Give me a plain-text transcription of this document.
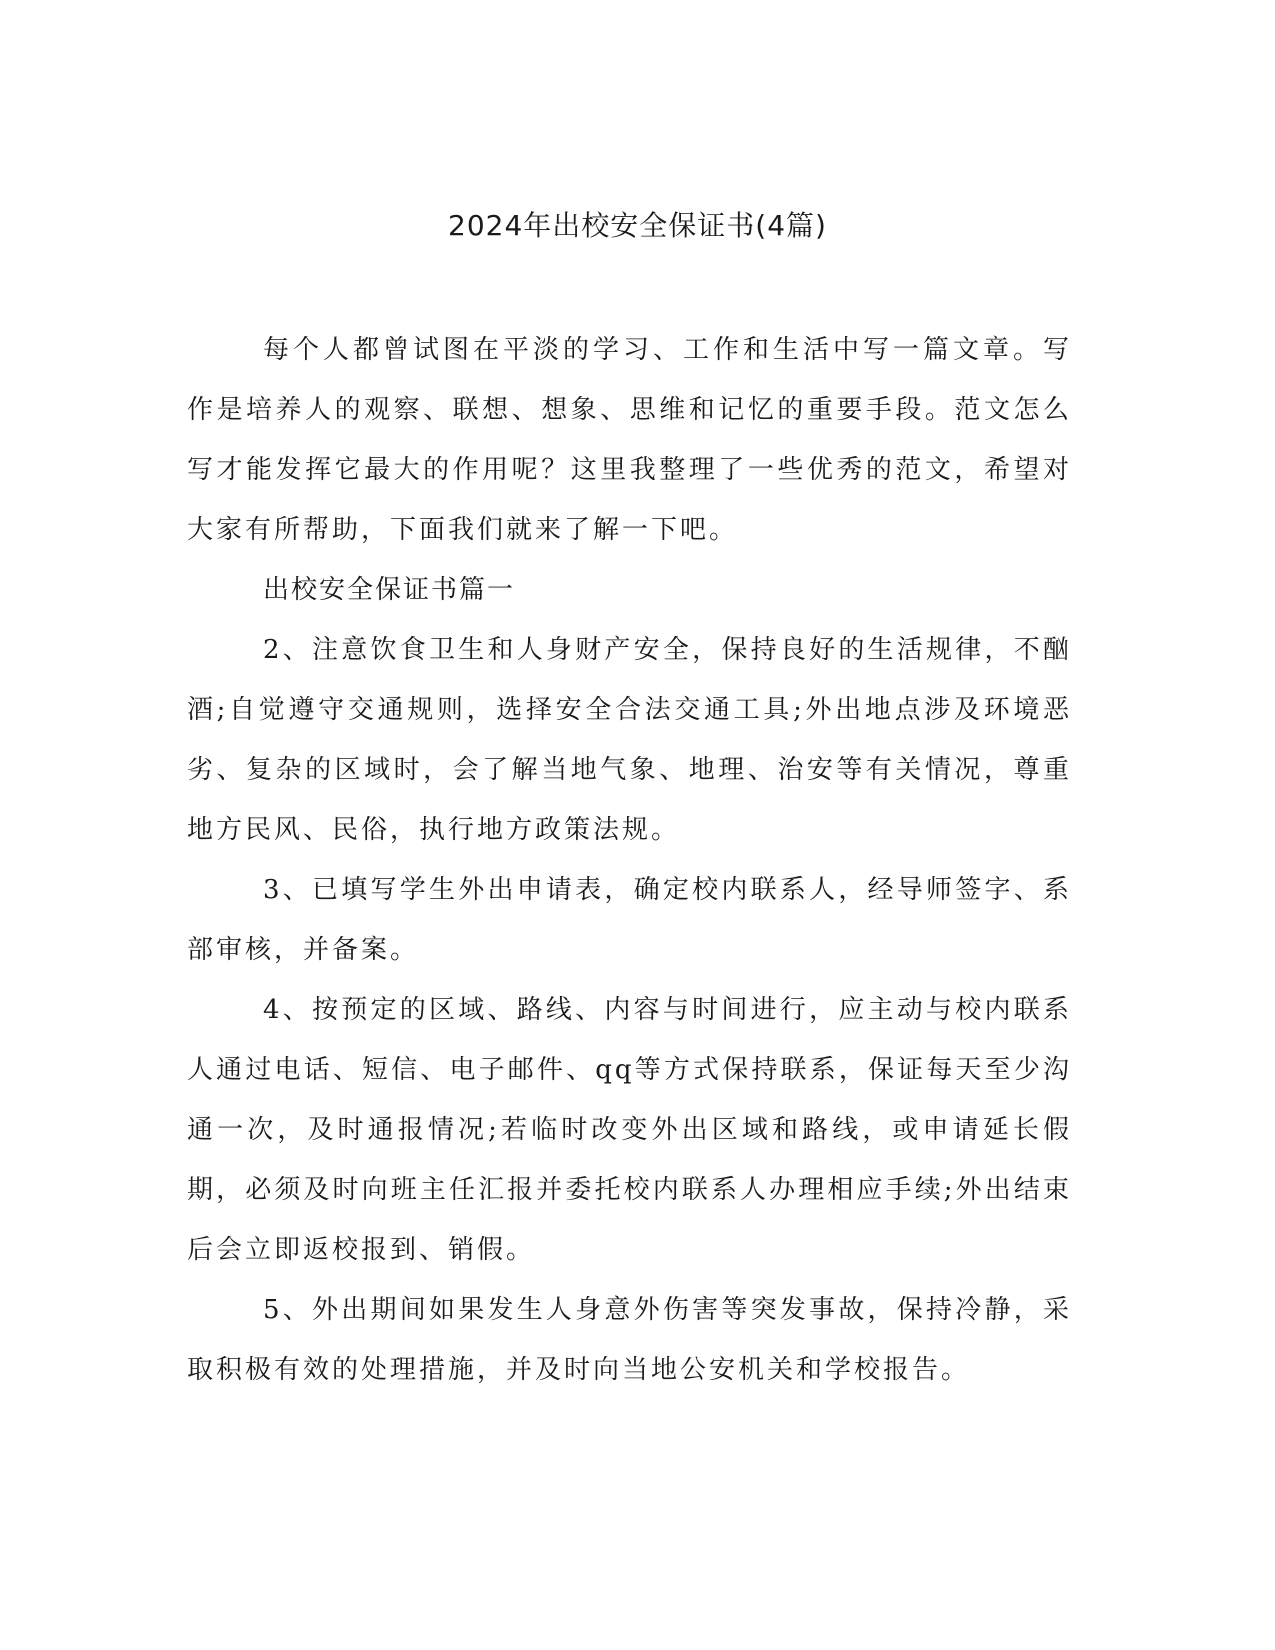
2024年出校安全保证书(4篇)

每个人都曾试图在平淡的学习、工作和生活中写一篇文章。写作是培养人的观察、联想、想象、思维和记忆的重要手段。范文怎么写才能发挥它最大的作用呢？这里我整理了一些优秀的范文，希望对大家有所帮助，下面我们就来了解一下吧。

出校安全保证书篇一

2、注意饮食卫生和人身财产安全，保持良好的生活规律，不酗酒;自觉遵守交通规则，选择安全合法交通工具;外出地点涉及环境恶劣、复杂的区域时，会了解当地气象、地理、治安等有关情况，尊重地方民风、民俗，执行地方政策法规。

3、已填写学生外出申请表，确定校内联系人，经导师签字、系部审核，并备案。

4、按预定的区域、路线、内容与时间进行，应主动与校内联系人通过电话、短信、电子邮件、qq等方式保持联系，保证每天至少沟通一次，及时通报情况;若临时改变外出区域和路线，或申请延长假期，必须及时向班主任汇报并委托校内联系人办理相应手续;外出结束后会立即返校报到、销假。

5、外出期间如果发生人身意外伤害等突发事故，保持冷静，采取积极有效的处理措施，并及时向当地公安机关和学校报告。
